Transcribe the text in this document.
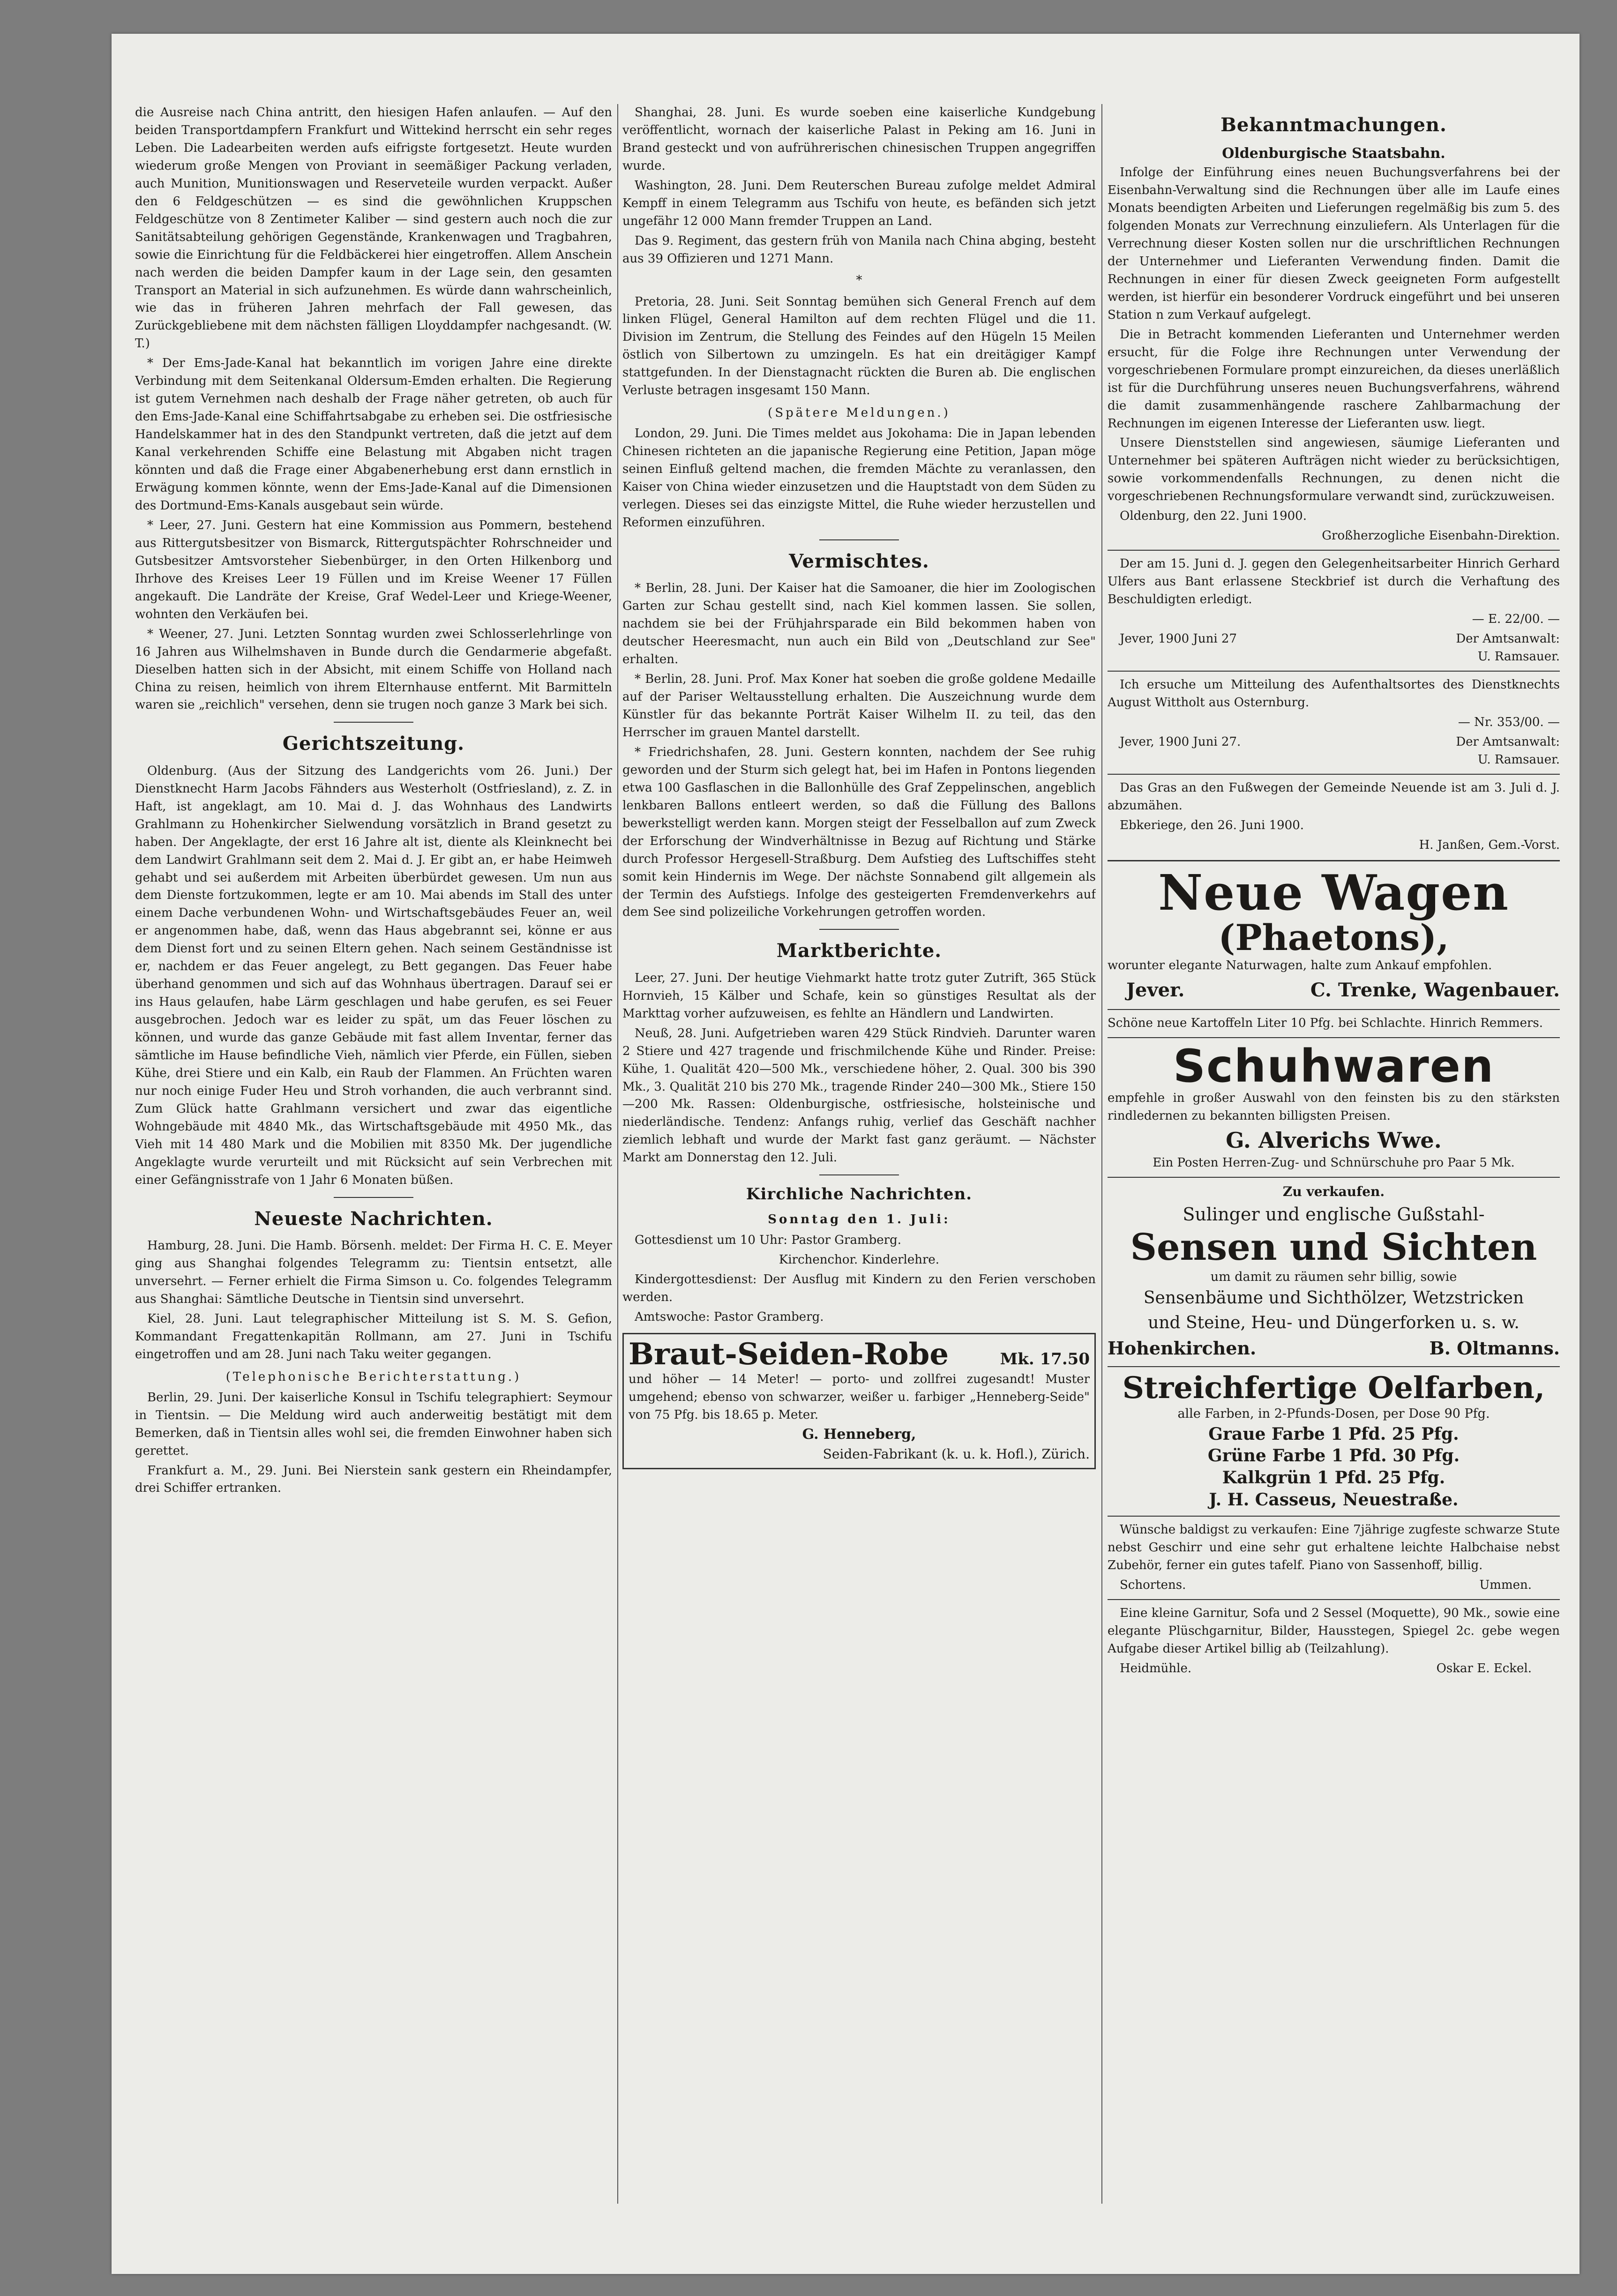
die Ausreise nach China antritt, den hiesigen Hafen anlaufen. — Auf den beiden Transportdampfern Frankfurt und Wittekind herrscht ein sehr reges Leben. Die Ladearbeiten werden aufs eifrigste fortgesetzt. Heute wurden wiederum große Mengen von Proviant in seemäßiger Packung verladen, auch Munition, Munitionswagen und Reserveteile wurden verpackt. Außer den 6 Feldgeschützen — es sind die gewöhnlichen Kruppschen Feldgeschütze von 8 Zentimeter Kaliber — sind gestern auch noch die zur Sanitätsabteilung gehörigen Gegenstände, Krankenwagen und Tragbahren, sowie die Einrichtung für die Feldbäckerei hier eingetroffen. Allem Anschein nach werden die beiden Dampfer kaum in der Lage sein, den gesamten Transport an Material in sich aufzunehmen. Es würde dann wahrscheinlich, wie das in früheren Jahren mehrfach der Fall gewesen, das Zurückgebliebene mit dem nächsten fälligen Lloyddampfer nachgesandt. (W. T.)

* Der Ems-Jade-Kanal hat bekanntlich im vorigen Jahre eine direkte Verbindung mit dem Seitenkanal Oldersum-Emden erhalten. Die Regierung ist gutem Vernehmen nach deshalb der Frage näher getreten, ob auch für den Ems-Jade-Kanal eine Schiffahrtsabgabe zu erheben sei. Die ostfriesische Handelskammer hat in des den Standpunkt vertreten, daß die jetzt auf dem Kanal verkehrenden Schiffe eine Belastung mit Abgaben nicht tragen könnten und daß die Frage einer Abgabenerhebung erst dann ernstlich in Erwägung kommen könnte, wenn der Ems-Jade-Kanal auf die Dimensionen des Dortmund-Ems-Kanals ausgebaut sein würde.

* Leer, 27. Juni. Gestern hat eine Kommission aus Pommern, bestehend aus Rittergutsbesitzer von Bismarck, Rittergutspächter Rohrschneider und Gutsbesitzer Amtsvorsteher Siebenbürger, in den Orten Hilkenborg und Ihrhove des Kreises Leer 19 Füllen und im Kreise Weener 17 Füllen angekauft. Die Landräte der Kreise, Graf Wedel-Leer und Kriege-Weener, wohnten den Verkäufen bei.

* Weener, 27. Juni. Letzten Sonntag wurden zwei Schlosserlehrlinge von 16 Jahren aus Wilhelmshaven in Bunde durch die Gendarmerie abgefaßt. Dieselben hatten sich in der Absicht, mit einem Schiffe von Holland nach China zu reisen, heimlich von ihrem Elternhause entfernt. Mit Barmitteln waren sie „reichlich" versehen, denn sie trugen noch ganze 3 Mark bei sich.

Gerichtszeitung.

Oldenburg. (Aus der Sitzung des Landgerichts vom 26. Juni.) Der Dienstknecht Harm Jacobs Fähnders aus Westerholt (Ostfriesland), z. Z. in Haft, ist angeklagt, am 10. Mai d. J. das Wohnhaus des Landwirts Grahlmann zu Hohenkircher Sielwendung vorsätzlich in Brand gesetzt zu haben. Der Angeklagte, der erst 16 Jahre alt ist, diente als Kleinknecht bei dem Landwirt Grahlmann seit dem 2. Mai d. J. Er gibt an, er habe Heimweh gehabt und sei außerdem mit Arbeiten überbürdet gewesen. Um nun aus dem Dienste fortzukommen, legte er am 10. Mai abends im Stall des unter einem Dache verbundenen Wohn- und Wirtschaftsgebäudes Feuer an, weil er angenommen habe, daß, wenn das Haus abgebrannt sei, könne er aus dem Dienst fort und zu seinen Eltern gehen. Nach seinem Geständnisse ist er, nachdem er das Feuer angelegt, zu Bett gegangen. Das Feuer habe überhand genommen und sich auf das Wohnhaus übertragen. Darauf sei er ins Haus gelaufen, habe Lärm geschlagen und habe gerufen, es sei Feuer ausgebrochen. Jedoch war es leider zu spät, um das Feuer löschen zu können, und wurde das ganze Gebäude mit fast allem Inventar, ferner das sämtliche im Hause befindliche Vieh, nämlich vier Pferde, ein Füllen, sieben Kühe, drei Stiere und ein Kalb, ein Raub der Flammen. An Früchten waren nur noch einige Fuder Heu und Stroh vorhanden, die auch verbrannt sind. Zum Glück hatte Grahlmann versichert und zwar das eigentliche Wohngebäude mit 4840 Mk., das Wirtschaftsgebäude mit 4950 Mk., das Vieh mit 14 480 Mark und die Mobilien mit 8350 Mk. Der jugendliche Angeklagte wurde verurteilt und mit Rücksicht auf sein Verbrechen mit einer Gefängnisstrafe von 1 Jahr 6 Monaten büßen.

Neueste Nachrichten.

Hamburg, 28. Juni. Die Hamb. Börsenh. meldet: Der Firma H. C. E. Meyer ging aus Shanghai folgendes Telegramm zu: Tientsin entsetzt, alle unversehrt. — Ferner erhielt die Firma Simson u. Co. folgendes Telegramm aus Shanghai: Sämtliche Deutsche in Tientsin sind unversehrt.

Kiel, 28. Juni. Laut telegraphischer Mitteilung ist S. M. S. Gefion, Kommandant Fregattenkapitän Rollmann, am 27. Juni in Tschifu eingetroffen und am 28. Juni nach Taku weiter gegangen.

(Telephonische Berichterstattung.)

Berlin, 29. Juni. Der kaiserliche Konsul in Tschifu telegraphiert: Seymour in Tientsin. — Die Meldung wird auch anderweitig bestätigt mit dem Bemerken, daß in Tientsin alles wohl sei, die fremden Einwohner haben sich gerettet.

Frankfurt a. M., 29. Juni. Bei Nierstein sank gestern ein Rheindampfer, drei Schiffer ertranken.

Shanghai, 28. Juni. Es wurde soeben eine kaiserliche Kundgebung veröffentlicht, wornach der kaiserliche Palast in Peking am 16. Juni in Brand gesteckt und von aufrührerischen chinesischen Truppen angegriffen wurde.

Washington, 28. Juni. Dem Reuterschen Bureau zufolge meldet Admiral Kempff in einem Telegramm aus Tschifu von heute, es befänden sich jetzt ungefähr 12 000 Mann fremder Truppen an Land.

Das 9. Regiment, das gestern früh von Manila nach China abging, besteht aus 39 Offizieren und 1271 Mann.

*

Pretoria, 28. Juni. Seit Sonntag bemühen sich General French auf dem linken Flügel, General Hamilton auf dem rechten Flügel und die 11. Division im Zentrum, die Stellung des Feindes auf den Hügeln 15 Meilen östlich von Silbertown zu umzingeln. Es hat ein dreitägiger Kampf stattgefunden. In der Dienstagnacht rückten die Buren ab. Die englischen Verluste betragen insgesamt 150 Mann.

(Spätere Meldungen.)

London, 29. Juni. Die Times meldet aus Jokohama: Die in Japan lebenden Chinesen richteten an die japanische Regierung eine Petition, Japan möge seinen Einfluß geltend machen, die fremden Mächte zu veranlassen, den Kaiser von China wieder einzusetzen und die Hauptstadt von dem Süden zu verlegen. Dieses sei das einzigste Mittel, die Ruhe wieder herzustellen und Reformen einzuführen.

Vermischtes.

* Berlin, 28. Juni. Der Kaiser hat die Samoaner, die hier im Zoologischen Garten zur Schau gestellt sind, nach Kiel kommen lassen. Sie sollen, nachdem sie bei der Frühjahrsparade ein Bild bekommen haben von deutscher Heeresmacht, nun auch ein Bild von „Deutschland zur See" erhalten.

* Berlin, 28. Juni. Prof. Max Koner hat soeben die große goldene Medaille auf der Pariser Weltausstellung erhalten. Die Auszeichnung wurde dem Künstler für das bekannte Porträt Kaiser Wilhelm II. zu teil, das den Herrscher im grauen Mantel darstellt.

* Friedrichshafen, 28. Juni. Gestern konnten, nachdem der See ruhig geworden und der Sturm sich gelegt hat, bei im Hafen in Pontons liegenden etwa 100 Gasflaschen in die Ballonhülle des Graf Zeppelinschen, angeblich lenkbaren Ballons entleert werden, so daß die Füllung des Ballons bewerkstelligt werden kann. Morgen steigt der Fesselballon auf zum Zweck der Erforschung der Windverhältnisse in Bezug auf Richtung und Stärke durch Professor Hergesell-Straßburg. Dem Aufstieg des Luftschiffes steht somit kein Hindernis im Wege. Der nächste Sonnabend gilt allgemein als der Termin des Aufstiegs. Infolge des gesteigerten Fremdenverkehrs auf dem See sind polizeiliche Vorkehrungen getroffen worden.

Marktberichte.

Leer, 27. Juni. Der heutige Viehmarkt hatte trotz guter Zutrift, 365 Stück Hornvieh, 15 Kälber und Schafe, kein so günstiges Resultat als der Markttag vorher aufzuweisen, es fehlte an Händlern und Landwirten.

Neuß, 28. Juni. Aufgetrieben waren 429 Stück Rindvieh. Darunter waren 2 Stiere und 427 tragende und frischmilchende Kühe und Rinder. Preise: Kühe, 1. Qualität 420—500 Mk., verschiedene höher, 2. Qual. 300 bis 390 Mk., 3. Qualität 210 bis 270 Mk., tragende Rinder 240—300 Mk., Stiere 150—200 Mk. Rassen: Oldenburgische, ostfriesische, holsteinische und niederländische. Tendenz: Anfangs ruhig, verlief das Geschäft nachher ziemlich lebhaft und wurde der Markt fast ganz geräumt. — Nächster Markt am Donnerstag den 12. Juli.

Kirchliche Nachrichten.
Sonntag den 1. Juli:

Gottesdienst um 10 Uhr: Pastor Gramberg.

Kirchenchor. Kinderlehre.

Kindergottesdienst: Der Ausflug mit Kindern zu den Ferien verschoben werden.

Amtswoche: Pastor Gramberg.

Braut-Seiden-Robe	Mk. 17.50
und höher — 14 Meter! — porto- und zollfrei zugesandt! Muster umgehend; ebenso von schwarzer, weißer u. farbiger „Henneberg-Seide" von 75 Pfg. bis 18.65 p. Meter.
G. Henneberg,
Seiden-Fabrikant (k. u. k. Hofl.), Zürich.
Bekanntmachungen.
Oldenburgische Staatsbahn.

Infolge der Einführung eines neuen Buchungsverfahrens bei der Eisenbahn-Verwaltung sind die Rechnungen über alle im Laufe eines Monats beendigten Arbeiten und Lieferungen regelmäßig bis zum 5. des folgenden Monats zur Verrechnung einzuliefern. Als Unterlagen für die Verrechnung dieser Kosten sollen nur die urschriftlichen Rechnungen der Unternehmer und Lieferanten Verwendung finden. Damit die Rechnungen in einer für diesen Zweck geeigneten Form aufgestellt werden, ist hierfür ein besonderer Vordruck eingeführt und bei unseren Station n zum Verkauf aufgelegt.

Die in Betracht kommenden Lieferanten und Unternehmer werden ersucht, für die Folge ihre Rechnungen unter Verwendung der vorgeschriebenen Formulare prompt einzureichen, da dieses unerläßlich ist für die Durchführung unseres neuen Buchungsverfahrens, während die damit zusammenhängende raschere Zahlbarmachung der Rechnungen im eigenen Interesse der Lieferanten usw. liegt.

Unsere Dienststellen sind angewiesen, säumige Lieferanten und Unternehmer bei späteren Aufträgen nicht wieder zu berücksichtigen, sowie vorkommendenfalls Rechnungen, zu denen nicht die vorgeschriebenen Rechnungsformulare verwandt sind, zurückzuweisen.

Oldenburg, den 22. Juni 1900.

Großherzogliche Eisenbahn-Direktion.

Der am 15. Juni d. J. gegen den Gelegenheitsarbeiter Hinrich Gerhard Ulfers aus Bant erlassene Steckbrief ist durch die Verhaftung des Beschuldigten erledigt.

— E. 22/00. —

Jever, 1900 Juni 27	Der Amtsanwalt:

U. Ramsauer.

Ich ersuche um Mitteilung des Aufenthaltsortes des Dienstknechts August Wittholt aus Osternburg.

— Nr. 353/00. —

Jever, 1900 Juni 27.	Der Amtsanwalt:

U. Ramsauer.

Das Gras an den Fußwegen der Gemeinde Neuende ist am 3. Juli d. J. abzumähen.

Ebkeriege, den 26. Juni 1900.

H. Janßen, Gem.-Vorst.

Neue Wagen
(Phaetons),

worunter elegante Naturwagen, halte zum Ankauf empfohlen.

Jever.	C. Trenke, Wagenbauer.

Schöne neue Kartoffeln Liter 10 Pfg. bei Schlachte. Hinrich Remmers.

Schuhwaren

empfehle in großer Auswahl von den feinsten bis zu den stärksten rindledernen zu bekannten billigsten Preisen.

G. Alverichs Wwe.

Ein Posten Herren-Zug- und Schnürschuhe pro Paar 5 Mk.

Zu verkaufen.
Sulinger und englische Gußstahl-
Sensen und Sichten
um damit zu räumen sehr billig, sowie
Sensenbäume und Sichthölzer, Wetzstricken
und Steine, Heu- und Düngerforken u. s. w.
Hohenkirchen.	B. Oltmanns.
Streichfertige Oelfarben,
alle Farben, in 2-Pfunds-Dosen, per Dose 90 Pfg.
Graue Farbe 1 Pfd. 25 Pfg.
Grüne Farbe 1 Pfd. 30 Pfg.
Kalkgrün 1 Pfd. 25 Pfg.
J. H. Casseus, Neuestraße.

Wünsche baldigst zu verkaufen: Eine 7jährige zugfeste schwarze Stute nebst Geschirr und eine sehr gut erhaltene leichte Halbchaise nebst Zubehör, ferner ein gutes tafelf. Piano von Sassenhoff, billig.

Schortens.	Ummen.

Eine kleine Garnitur, Sofa und 2 Sessel (Moquette), 90 Mk., sowie eine elegante Plüschgarnitur, Bilder, Hausstegen, Spiegel 2c. gebe wegen Aufgabe dieser Artikel billig ab (Teilzahlung).

Heidmühle.	Oskar E. Eckel.
